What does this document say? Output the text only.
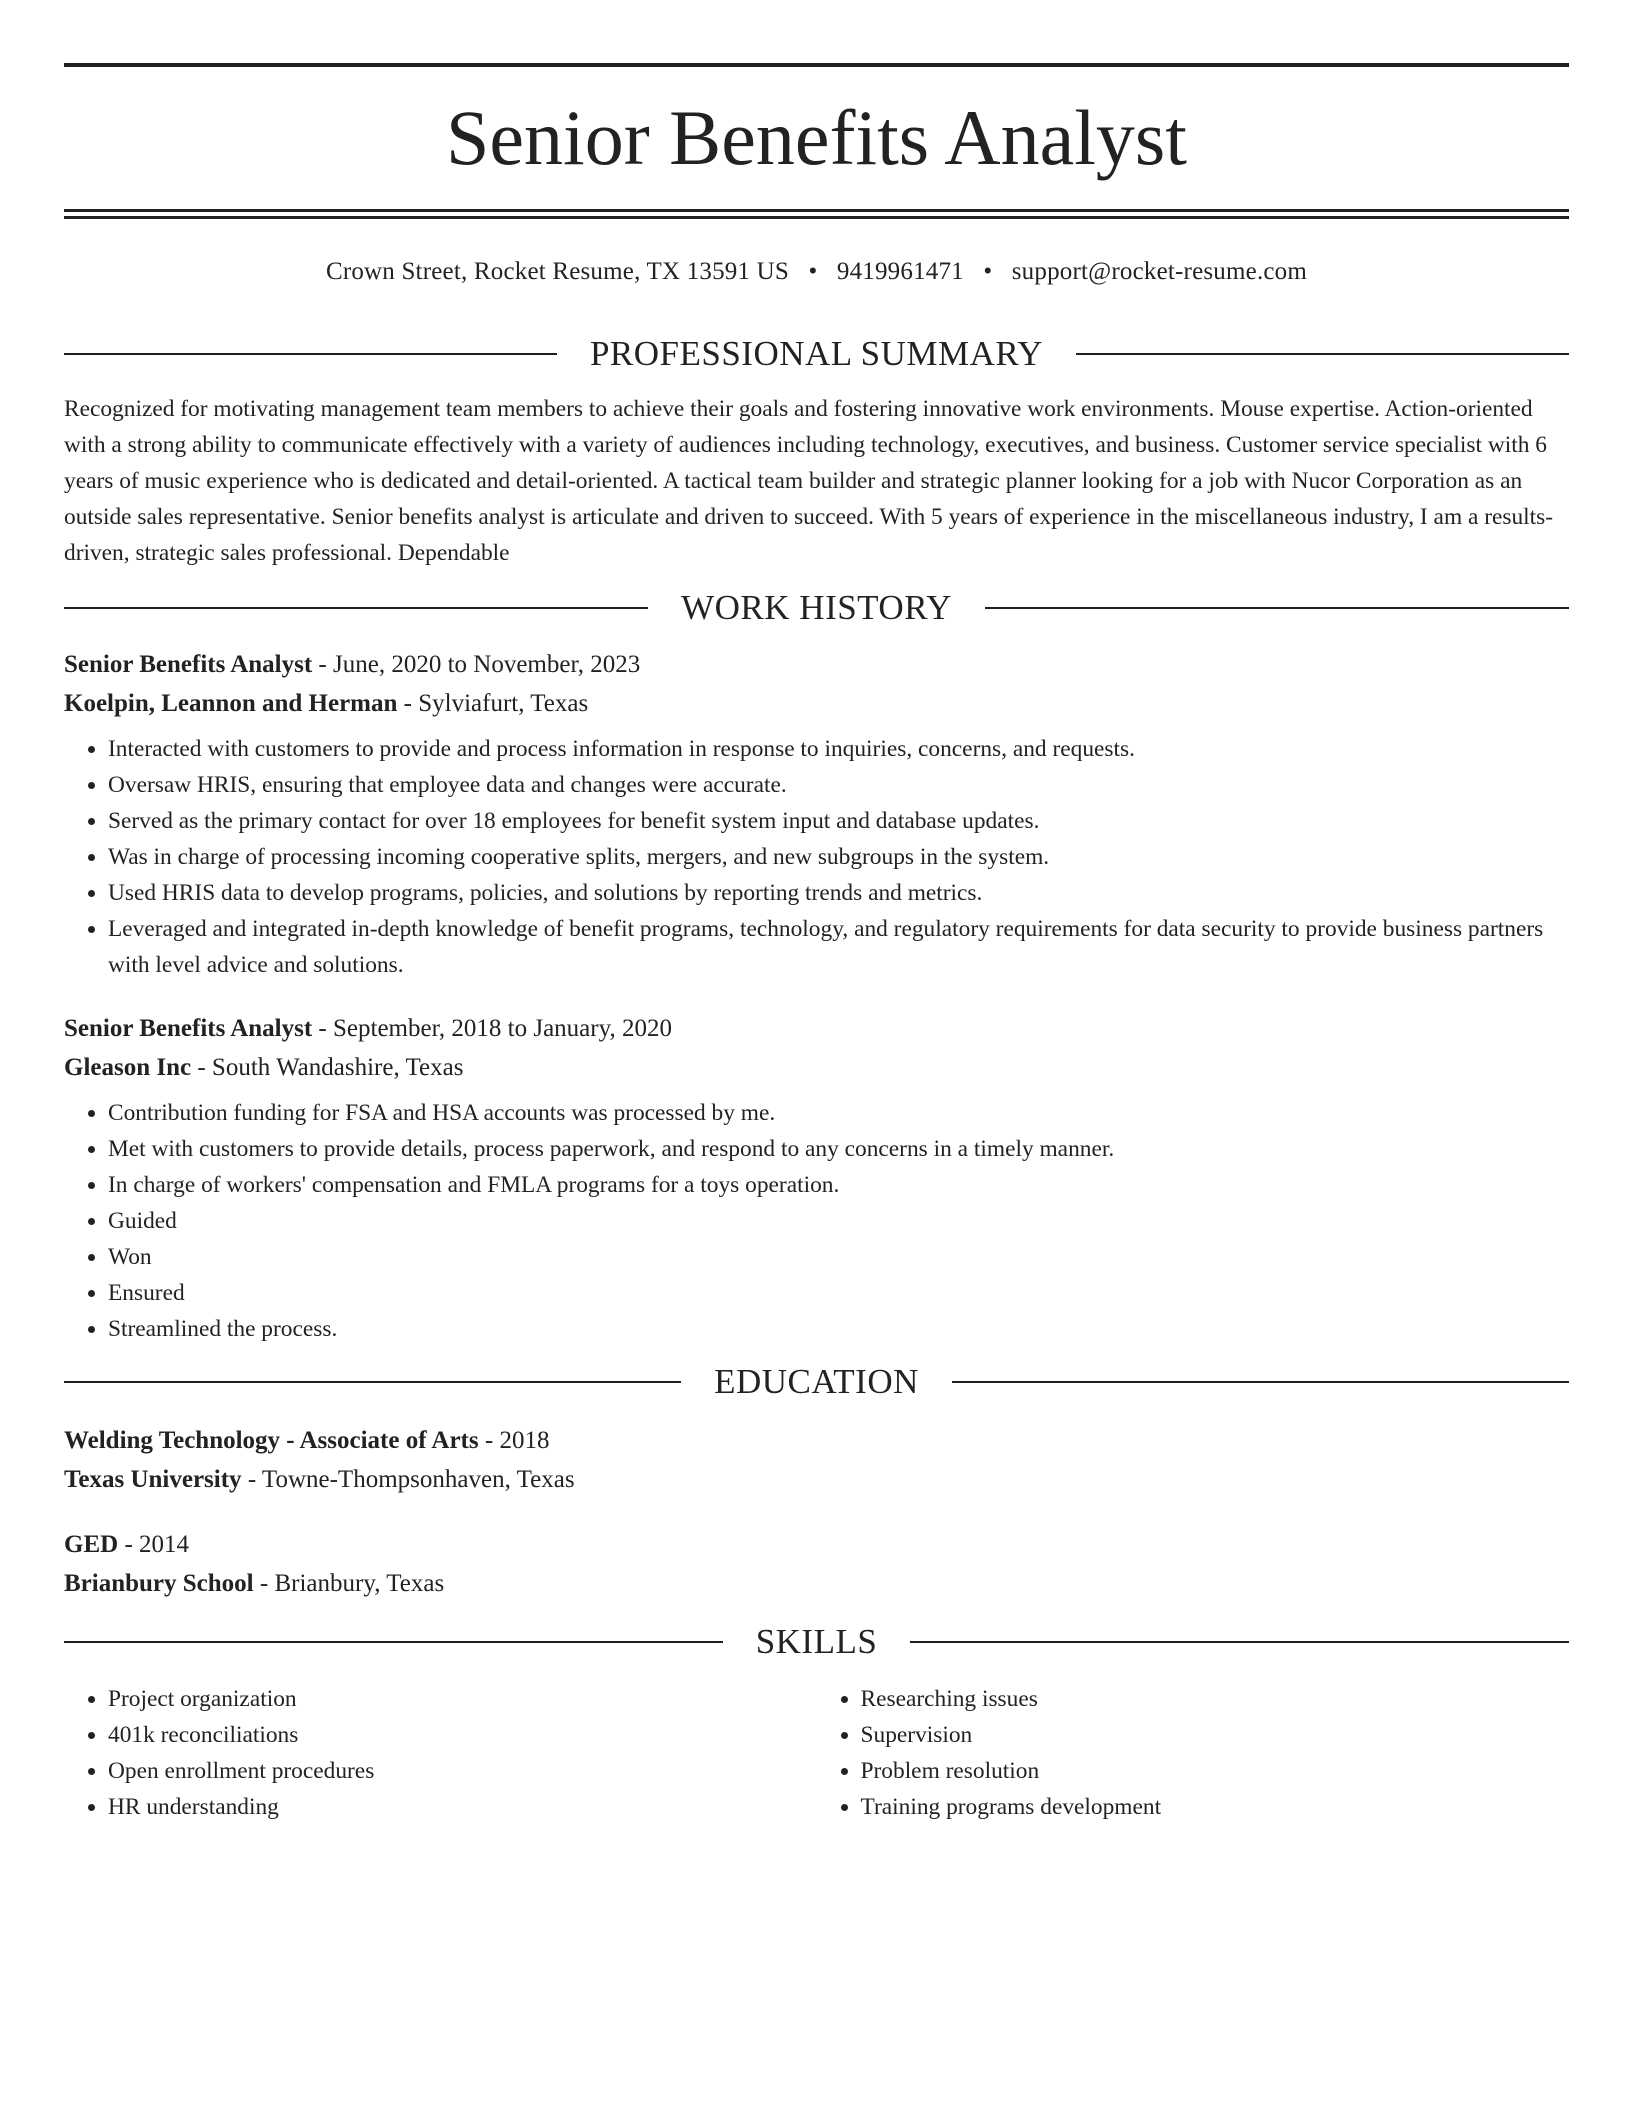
Senior Benefits Analyst
Crown Street, Rocket Resume, TX 13591 US • 9419961471 • support@rocket-resume.com
PROFESSIONAL SUMMARY

Recognized for motivating management team members to achieve their goals and fostering innovative work environments. Mouse expertise. Action-oriented with a strong ability to communicate effectively with a variety of audiences including technology, executives, and business. Customer service specialist with 6 years of music experience who is dedicated and detail-oriented. A tactical team builder and strategic planner looking for a job with Nucor Corporation as an outside sales representative. Senior benefits analyst is articulate and driven to succeed. With 5 years of experience in the miscellaneous industry, I am a results-driven, strategic sales professional. Dependable

WORK HISTORY
Senior Benefits Analyst - June, 2020 to November, 2023
Koelpin, Leannon and Herman - Sylviafurt, Texas
• Interacted with customers to provide and process information in response to inquiries, concerns, and requests.
• Oversaw HRIS, ensuring that employee data and changes were accurate.
• Served as the primary contact for over 18 employees for benefit system input and database updates.
• Was in charge of processing incoming cooperative splits, mergers, and new subgroups in the system.
• Used HRIS data to develop programs, policies, and solutions by reporting trends and metrics.
• Leveraged and integrated in-depth knowledge of benefit programs, technology, and regulatory requirements for data security to provide business partners with level advice and solutions.
Senior Benefits Analyst - September, 2018 to January, 2020
Gleason Inc - South Wandashire, Texas
• Contribution funding for FSA and HSA accounts was processed by me.
• Met with customers to provide details, process paperwork, and respond to any concerns in a timely manner.
• In charge of workers' compensation and FMLA programs for a toys operation.
• Guided
• Won
• Ensured
• Streamlined the process.
EDUCATION
Welding Technology - Associate of Arts - 2018
Texas University - Towne-Thompsonhaven, Texas
GED - 2014
Brianbury School - Brianbury, Texas
SKILLS
• Project organization
• 401k reconciliations
• Open enrollment procedures
• HR understanding
• Researching issues
• Supervision
• Problem resolution
• Training programs development
